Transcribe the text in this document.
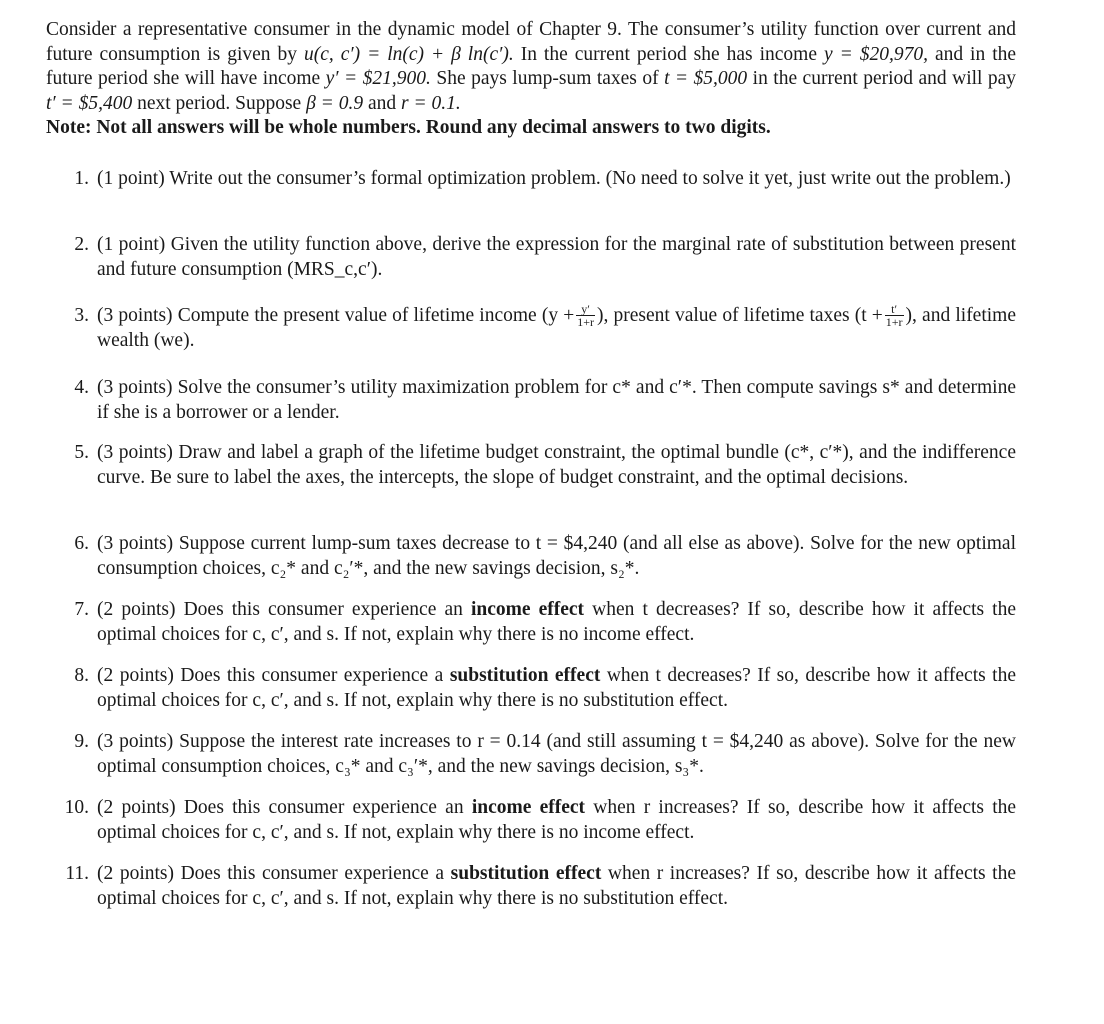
Consider a representative consumer in the dynamic model of Chapter 9. The consumer’s utility function over current and future consumption is given by u(c, c′) = ln(c) + β ln(c′). In the current period she has income y = $20,970, and in the future period she will have income y′ = $21,900. She pays lump-sum taxes of t = $5,000 in the current period and will pay t′ = $5,400 next period. Suppose β = 0.9 and r = 0.1.

Note: Not all answers will be whole numbers. Round any decimal answers to two digits.

1. (1 point) Write out the consumer’s formal optimization problem. (No need to solve it yet, just write out the problem.)
2. (1 point) Given the utility function above, derive the expression for the marginal rate of substitution between present and future consumption (MRS_c,c′).
3. (3 points) Compute the present value of lifetime income ($y + \frac{y'}{1+r}$ ), present value of lifetime taxes ($t + \frac{t'}{1+r}$ ), and lifetime wealth (we).
4. (3 points) Solve the consumer’s utility maximization problem for c* and c′*. Then compute savings s* and determine if she is a borrower or a lender.
5. (3 points) Draw and label a graph of the lifetime budget constraint, the optimal bundle (c*, c′*), and the indifference curve. Be sure to label the axes, the intercepts, the slope of budget constraint, and the optimal decisions.
6. (3 points) Suppose current lump-sum taxes decrease to t = $4,240 (and all else as above). Solve for the new optimal consumption choices, c₂* and c₂′*, and the new savings decision, s₂*.
7. (2 points) Does this consumer experience an income effect when t decreases? If so, describe how it affects the optimal choices for c, c′, and s. If not, explain why there is no income effect.
8. (2 points) Does this consumer experience a substitution effect when t decreases? If so, describe how it affects the optimal choices for c, c′, and s. If not, explain why there is no substitution effect.
9. (3 points) Suppose the interest rate increases to r = 0.14 (and still assuming t = $4,240 as above). Solve for the new optimal consumption choices, c₃* and c₃′*, and the new savings decision, s₃*.
10. (2 points) Does this consumer experience an income effect when r increases? If so, describe how it affects the optimal choices for c, c′, and s. If not, explain why there is no income effect.
11. (2 points) Does this consumer experience a substitution effect when r increases? If so, describe how it affects the optimal choices for c, c′, and s. If not, explain why there is no substitution effect.
